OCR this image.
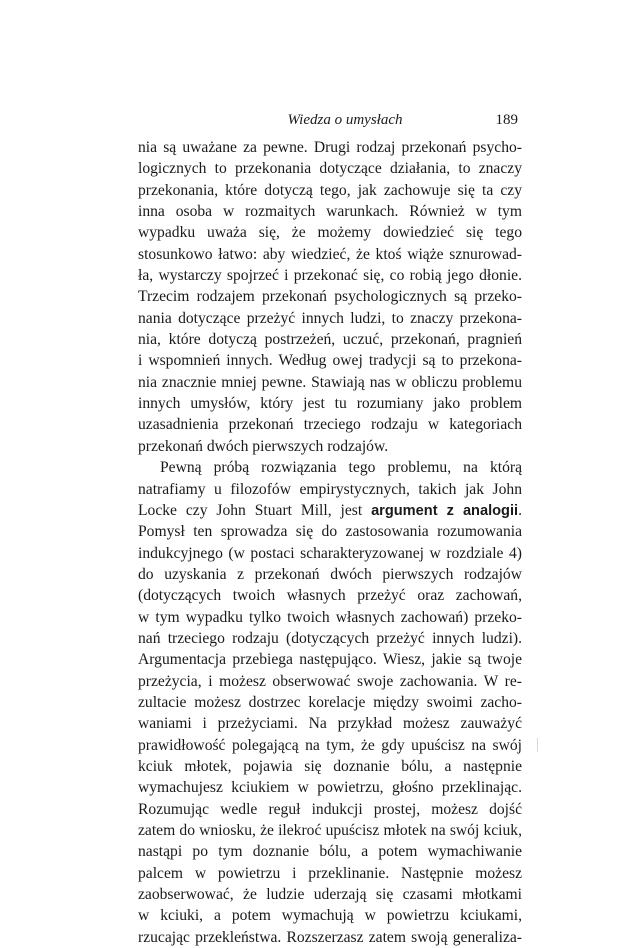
Wiedza o umysłach	189
nia są uważane za pewne. Drugi rodzaj przekonań psycho-
logicznych to przekonania dotyczące działania, to znaczy
przekonania, które dotyczą tego, jak zachowuje się ta czy
inna osoba w rozmaitych warunkach. Również w tym
wypadku uważa się, że możemy dowiedzieć się tego
stosunkowo łatwo: aby wiedzieć, że ktoś wiąże sznurowad-
ła, wystarczy spojrzeć i przekonać się, co robią jego dłonie.
Trzecim rodzajem przekonań psychologicznych są przeko-
nania dotyczące przeżyć innych ludzi, to znaczy przekona-
nia, które dotyczą postrzeżeń, uczuć, przekonań, pragnień
i wspomnień innych. Według owej tradycji są to przekona-
nia znacznie mniej pewne. Stawiają nas w obliczu problemu
innych umysłów, który jest tu rozumiany jako problem
uzasadnienia przekonań trzeciego rodzaju w kategoriach
przekonań dwóch pierwszych rodzajów.
Pewną próbą rozwiązania tego problemu, na którą
natrafiamy u filozofów empirystycznych, takich jak John
Locke czy John Stuart Mill, jest argument z analogii.
Pomysł ten sprowadza się do zastosowania rozumowania
indukcyjnego (w postaci scharakteryzowanej w rozdziale 4)
do uzyskania z przekonań dwóch pierwszych rodzajów
(dotyczących twoich własnych przeżyć oraz zachowań,
w tym wypadku tylko twoich własnych zachowań) przeko-
nań trzeciego rodzaju (dotyczących przeżyć innych ludzi).
Argumentacja przebiega następująco. Wiesz, jakie są twoje
przeżycia, i możesz obserwować swoje zachowania. W re-
zultacie możesz dostrzec korelacje między swoimi zacho-
waniami i przeżyciami. Na przykład możesz zauważyć
prawidłowość polegającą na tym, że gdy upuścisz na swój
kciuk młotek, pojawia się doznanie bólu, a następnie
wymachujesz kciukiem w powietrzu, głośno przeklinając.
Rozumując wedle reguł indukcji prostej, możesz dojść
zatem do wniosku, że ilekroć upuścisz młotek na swój kciuk,
nastąpi po tym doznanie bólu, a potem wymachiwanie
palcem w powietrzu i przeklinanie. Następnie możesz
zaobserwować, że ludzie uderzają się czasami młotkami
w kciuki, a potem wymachują w powietrzu kciukami,
rzucając przekleństwa. Rozszerzasz zatem swoją generaliza-
